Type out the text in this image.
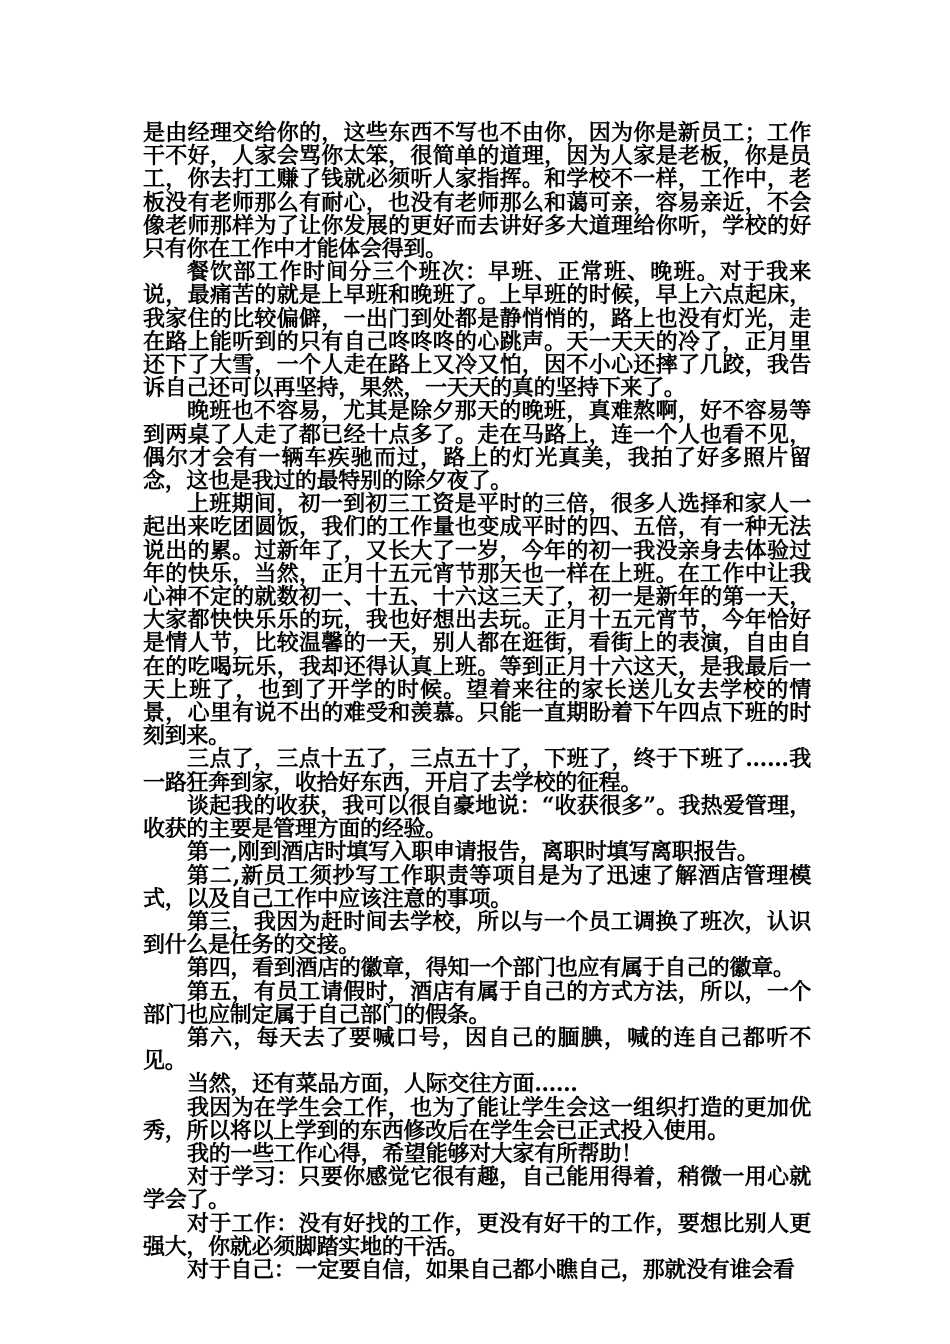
是由经理交给你的，这些东西不写也不由你，因为你是新员工；工作干不好，人家会骂你太笨，很简单的道理，因为人家是老板，你是员工，你去打工赚了钱就必须听人家指挥。和学校不一样，工作中，老板没有老师那么有耐心，也没有老师那么和蔼可亲，容易亲近，不会像老师那样为了让你发展的更好而去讲好多大道理给你听，学校的好只有你在工作中才能体会得到。

餐饮部工作时间分三个班次：早班、正常班、晚班。对于我来说，最痛苦的就是上早班和晚班了。上早班的时候，早上六点起床，我家住的比较偏僻，一出门到处都是静悄悄的，路上也没有灯光，走在路上能听到的只有自己咚咚咚的心跳声。天一天天的冷了，正月里还下了大雪，一个人走在路上又冷又怕，因不小心还摔了几跤，我告诉自己还可以再坚持，果然，一天天的真的坚持下来了。

晚班也不容易，尤其是除夕那天的晚班，真难熬啊，好不容易等到两桌了人走了都已经十点多了。走在马路上，连一个人也看不见，偶尔才会有一辆车疾驰而过，路上的灯光真美，我拍了好多照片留念，这也是我过的最特别的除夕夜了。

上班期间，初一到初三工资是平时的三倍，很多人选择和家人一起出来吃团圆饭，我们的工作量也变成平时的四、五倍，有一种无法说出的累。过新年了，又长大了一岁，今年的初一我没亲身去体验过年的快乐，当然，正月十五元宵节那天也一样在上班。在工作中让我心神不定的就数初一、十五、十六这三天了，初一是新年的第一天，大家都快快乐乐的玩，我也好想出去玩。正月十五元宵节，今年恰好是情人节，比较温馨的一天，别人都在逛街，看街上的表演，自由自在的吃喝玩乐，我却还得认真上班。等到正月十六这天，是我最后一天上班了，也到了开学的时候。望着来往的家长送儿女去学校的情景，心里有说不出的难受和羡慕。只能一直期盼着下午四点下班的时刻到来。

三点了，三点十五了，三点五十了，下班了，终于下班了……我一路狂奔到家，收拾好东西，开启了去学校的征程。

谈起我的收获，我可以很自豪地说：“收获很多”。我热爱管理，收获的主要是管理方面的经验。

第一,刚到酒店时填写入职申请报告，离职时填写离职报告。

第二,新员工须抄写工作职责等项目是为了迅速了解酒店管理模式，以及自己工作中应该注意的事项。

第三，我因为赶时间去学校，所以与一个员工调换了班次，认识到什么是任务的交接。

第四，看到酒店的徽章，得知一个部门也应有属于自己的徽章。

第五，有员工请假时，酒店有属于自己的方式方法，所以，一个部门也应制定属于自己部门的假条。

第六，每天去了要喊口号，因自己的腼腆，喊的连自己都听不见。

当然，还有菜品方面，人际交往方面……

我因为在学生会工作，也为了能让学生会这一组织打造的更加优秀，所以将以上学到的东西修改后在学生会已正式投入使用。

我的一些工作心得，希望能够对大家有所帮助！

对于学习：只要你感觉它很有趣，自己能用得着，稍微一用心就学会了。

对于工作：没有好找的工作，更没有好干的工作，要想比别人更强大，你就必须脚踏实地的干活。

对于自己：一定要自信，如果自己都小瞧自己，那就没有谁会看
